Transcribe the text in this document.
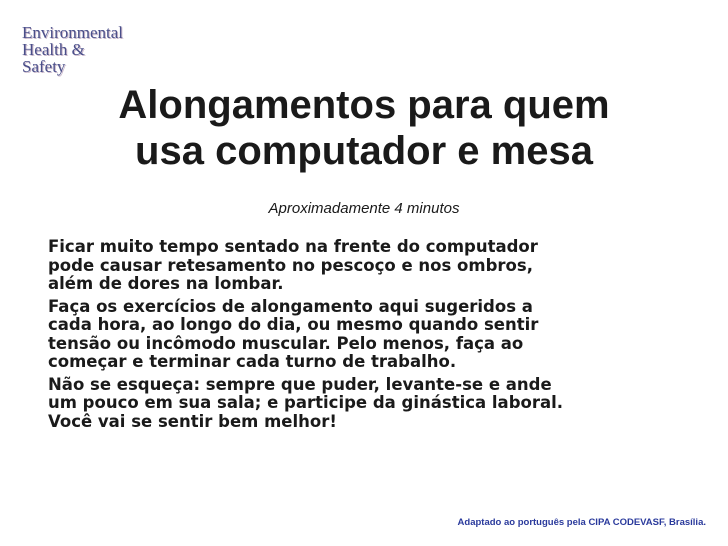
Environmental
Health &
Safety
Alongamentos para quem
usa computador e mesa
Aproximadamente 4 minutos
Ficar muito tempo sentado na frente do computador
pode causar retesamento no pescoço e nos ombros,
além de dores na lombar.
Faça os exercícios de alongamento aqui sugeridos a
cada hora, ao longo do dia, ou mesmo quando sentir
tensão ou incômodo muscular. Pelo menos, faça ao
começar e terminar cada turno de trabalho.
Não se esqueça: sempre que puder, levante-se e ande
um pouco em sua sala; e participe da ginástica laboral.
Você vai se sentir bem melhor!
Adaptado ao português pela CIPA CODEVASF, Brasília.
